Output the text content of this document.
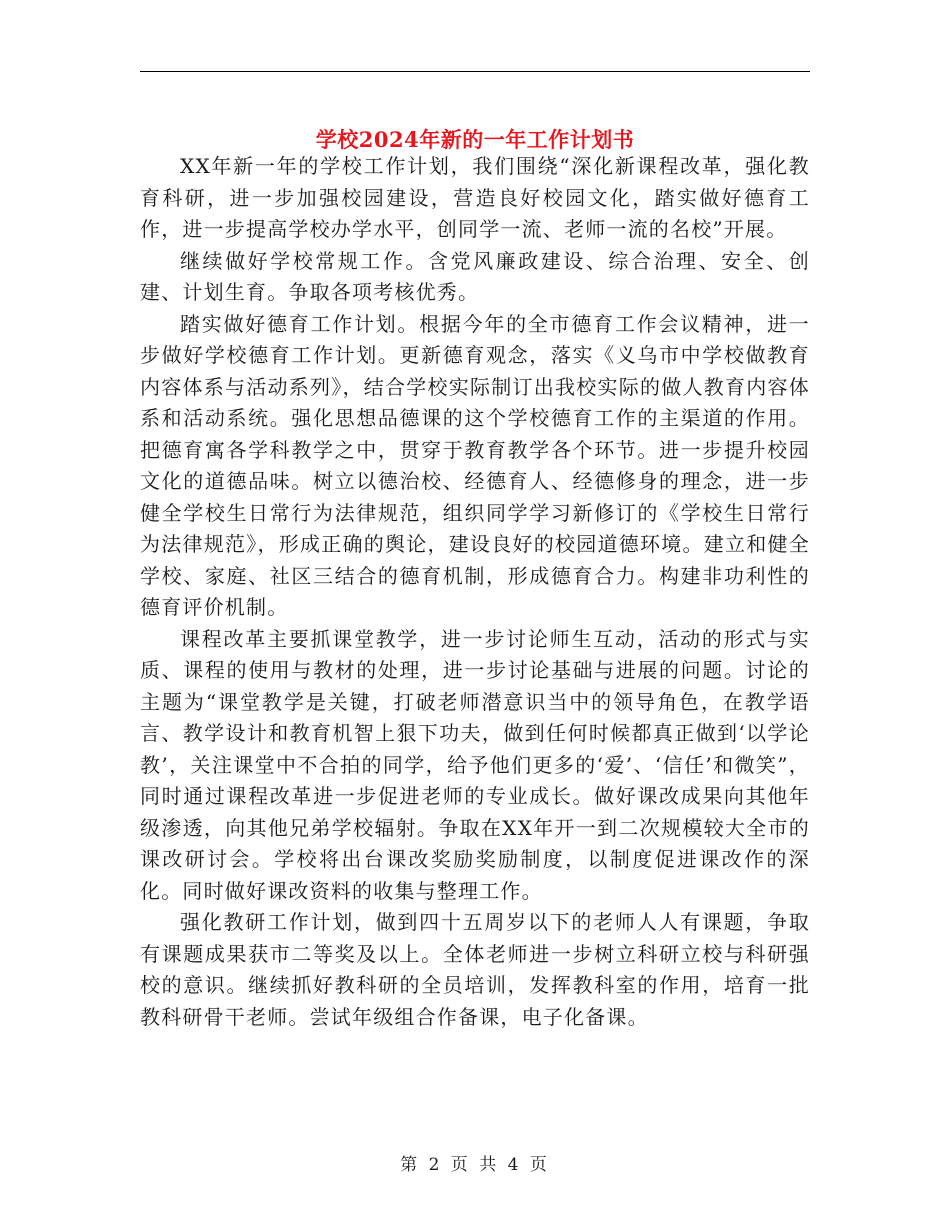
学校2024年新的一年工作计划书

XX年新一年的学校工作计划，我们围绕“深化新课程改革，强化教育科研，进一步加强校园建设，营造良好校园文化，踏实做好德育工作，进一步提高学校办学水平，创同学一流、老师一流的名校”开展。

继续做好学校常规工作。含党风廉政建设、综合治理、安全、创建、计划生育。争取各项考核优秀。

踏实做好德育工作计划。根据今年的全市德育工作会议精神，进一步做好学校德育工作计划。更新德育观念，落实《义乌市中学校做教育内容体系与活动系列》，结合学校实际制订出我校实际的做人教育内容体系和活动系统。强化思想品德课的这个学校德育工作的主渠道的作用。把德育寓各学科教学之中，贯穿于教育教学各个环节。进一步提升校园文化的道德品味。树立以德治校、经德育人、经德修身的理念，进一步健全学校生日常行为法律规范，组织同学学习新修订的《学校生日常行为法律规范》，形成正确的舆论，建设良好的校园道德环境。建立和健全学校、家庭、社区三结合的德育机制，形成德育合力。构建非功利性的德育评价机制。

课程改革主要抓课堂教学，进一步讨论师生互动，活动的形式与实质、课程的使用与教材的处理，进一步讨论基础与进展的问题。讨论的主题为“课堂教学是关键，打破老师潜意识当中的领导角色，在教学语言、教学设计和教育机智上狠下功夫，做到任何时候都真正做到‘以学论教’，关注课堂中不合拍的同学，给予他们更多的‘爱’、‘信任’和微笑”，同时通过课程改革进一步促进老师的专业成长。做好课改成果向其他年级渗透，向其他兄弟学校辐射。争取在XX年开一到二次规模较大全市的课改研讨会。学校将出台课改奖励奖励制度，以制度促进课改作的深化。同时做好课改资料的收集与整理工作。

强化教研工作计划，做到四十五周岁以下的老师人人有课题，争取有课题成果获市二等奖及以上。全体老师进一步树立科研立校与科研强校的意识。继续抓好教科研的全员培训，发挥教科室的作用，培育一批教科研骨干老师。尝试年级组合作备课，电子化备课。

第 2 页 共 4 页
